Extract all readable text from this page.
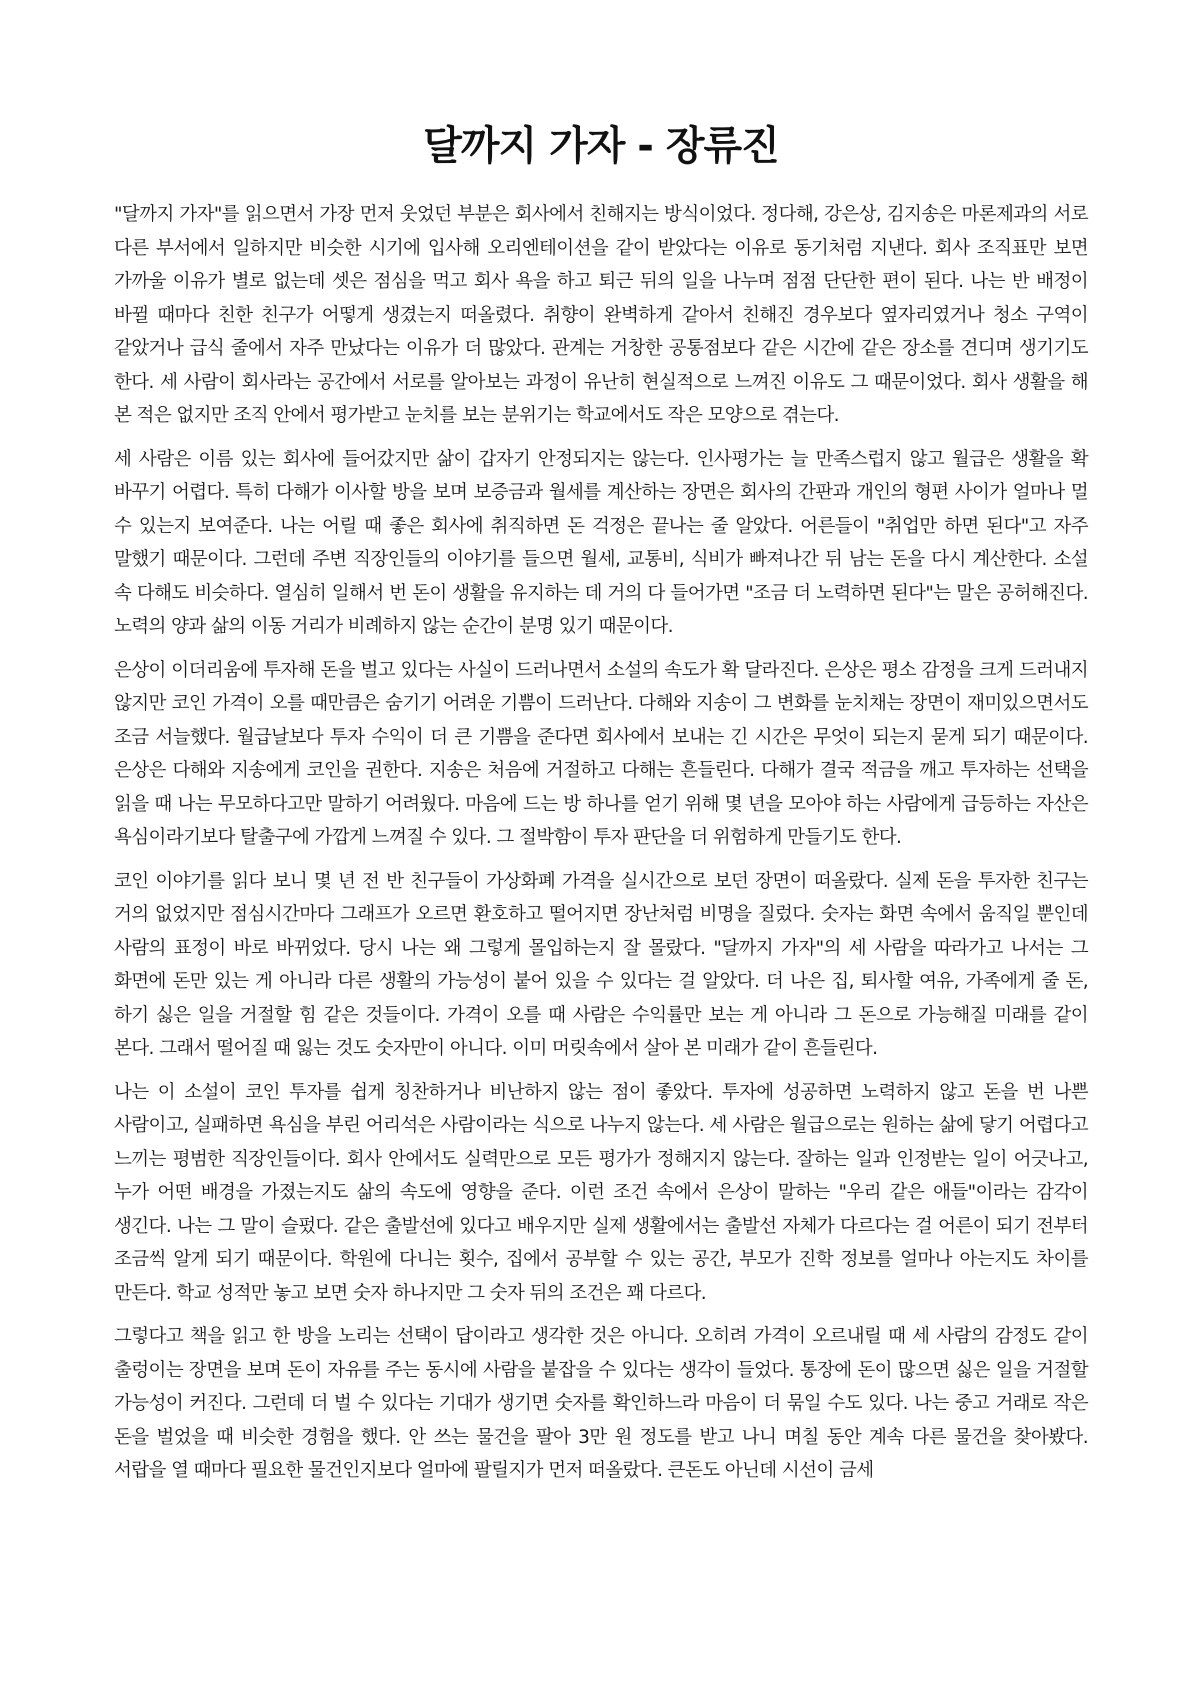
달까지 가자 - 장류진

"달까지 가자"를 읽으면서 가장 먼저 웃었던 부분은 회사에서 친해지는 방식이었다. 정다해, 강은상, 김지송은 마론제과의 서로 다른 부서에서 일하지만 비슷한 시기에 입사해 오리엔테이션을 같이 받았다는 이유로 동기처럼 지낸다. 회사 조직표만 보면 가까울 이유가 별로 없는데 셋은 점심을 먹고 회사 욕을 하고 퇴근 뒤의 일을 나누며 점점 단단한 편이 된다. 나는 반 배정이 바뀔 때마다 친한 친구가 어떻게 생겼는지 떠올렸다. 취향이 완벽하게 같아서 친해진 경우보다 옆자리였거나 청소 구역이 같았거나 급식 줄에서 자주 만났다는 이유가 더 많았다. 관계는 거창한 공통점보다 같은 시간에 같은 장소를 견디며 생기기도 한다. 세 사람이 회사라는 공간에서 서로를 알아보는 과정이 유난히 현실적으로 느껴진 이유도 그 때문이었다. 회사 생활을 해 본 적은 없지만 조직 안에서 평가받고 눈치를 보는 분위기는 학교에서도 작은 모양으로 겪는다.

세 사람은 이름 있는 회사에 들어갔지만 삶이 갑자기 안정되지는 않는다. 인사평가는 늘 만족스럽지 않고 월급은 생활을 확 바꾸기 어렵다. 특히 다해가 이사할 방을 보며 보증금과 월세를 계산하는 장면은 회사의 간판과 개인의 형편 사이가 얼마나 멀 수 있는지 보여준다. 나는 어릴 때 좋은 회사에 취직하면 돈 걱정은 끝나는 줄 알았다. 어른들이 "취업만 하면 된다"고 자주 말했기 때문이다. 그런데 주변 직장인들의 이야기를 들으면 월세, 교통비, 식비가 빠져나간 뒤 남는 돈을 다시 계산한다. 소설 속 다해도 비슷하다. 열심히 일해서 번 돈이 생활을 유지하는 데 거의 다 들어가면 "조금 더 노력하면 된다"는 말은 공허해진다. 노력의 양과 삶의 이동 거리가 비례하지 않는 순간이 분명 있기 때문이다.

은상이 이더리움에 투자해 돈을 벌고 있다는 사실이 드러나면서 소설의 속도가 확 달라진다. 은상은 평소 감정을 크게 드러내지 않지만 코인 가격이 오를 때만큼은 숨기기 어려운 기쁨이 드러난다. 다해와 지송이 그 변화를 눈치채는 장면이 재미있으면서도 조금 서늘했다. 월급날보다 투자 수익이 더 큰 기쁨을 준다면 회사에서 보내는 긴 시간은 무엇이 되는지 묻게 되기 때문이다. 은상은 다해와 지송에게 코인을 권한다. 지송은 처음에 거절하고 다해는 흔들린다. 다해가 결국 적금을 깨고 투자하는 선택을 읽을 때 나는 무모하다고만 말하기 어려웠다. 마음에 드는 방 하나를 얻기 위해 몇 년을 모아야 하는 사람에게 급등하는 자산은 욕심이라기보다 탈출구에 가깝게 느껴질 수 있다. 그 절박함이 투자 판단을 더 위험하게 만들기도 한다.

코인 이야기를 읽다 보니 몇 년 전 반 친구들이 가상화폐 가격을 실시간으로 보던 장면이 떠올랐다. 실제 돈을 투자한 친구는 거의 없었지만 점심시간마다 그래프가 오르면 환호하고 떨어지면 장난처럼 비명을 질렀다. 숫자는 화면 속에서 움직일 뿐인데 사람의 표정이 바로 바뀌었다. 당시 나는 왜 그렇게 몰입하는지 잘 몰랐다. "달까지 가자"의 세 사람을 따라가고 나서는 그 화면에 돈만 있는 게 아니라 다른 생활의 가능성이 붙어 있을 수 있다는 걸 알았다. 더 나은 집, 퇴사할 여유, 가족에게 줄 돈, 하기 싫은 일을 거절할 힘 같은 것들이다. 가격이 오를 때 사람은 수익률만 보는 게 아니라 그 돈으로 가능해질 미래를 같이 본다. 그래서 떨어질 때 잃는 것도 숫자만이 아니다. 이미 머릿속에서 살아 본 미래가 같이 흔들린다.

나는 이 소설이 코인 투자를 쉽게 칭찬하거나 비난하지 않는 점이 좋았다. 투자에 성공하면 노력하지 않고 돈을 번 나쁜 사람이고, 실패하면 욕심을 부린 어리석은 사람이라는 식으로 나누지 않는다. 세 사람은 월급으로는 원하는 삶에 닿기 어렵다고 느끼는 평범한 직장인들이다. 회사 안에서도 실력만으로 모든 평가가 정해지지 않는다. 잘하는 일과 인정받는 일이 어긋나고, 누가 어떤 배경을 가졌는지도 삶의 속도에 영향을 준다. 이런 조건 속에서 은상이 말하는 "우리 같은 애들"이라는 감각이 생긴다. 나는 그 말이 슬펐다. 같은 출발선에 있다고 배우지만 실제 생활에서는 출발선 자체가 다르다는 걸 어른이 되기 전부터 조금씩 알게 되기 때문이다. 학원에 다니는 횟수, 집에서 공부할 수 있는 공간, 부모가 진학 정보를 얼마나 아는지도 차이를 만든다. 학교 성적만 놓고 보면 숫자 하나지만 그 숫자 뒤의 조건은 꽤 다르다.

그렇다고 책을 읽고 한 방을 노리는 선택이 답이라고 생각한 것은 아니다. 오히려 가격이 오르내릴 때 세 사람의 감정도 같이 출렁이는 장면을 보며 돈이 자유를 주는 동시에 사람을 붙잡을 수 있다는 생각이 들었다. 통장에 돈이 많으면 싫은 일을 거절할 가능성이 커진다. 그런데 더 벌 수 있다는 기대가 생기면 숫자를 확인하느라 마음이 더 묶일 수도 있다. 나는 중고 거래로 작은 돈을 벌었을 때 비슷한 경험을 했다. 안 쓰는 물건을 팔아 3만 원 정도를 받고 나니 며칠 동안 계속 다른 물건을 찾아봤다. 서랍을 열 때마다 필요한 물건인지보다 얼마에 팔릴지가 먼저 떠올랐다. 큰돈도 아닌데 시선이 금세
